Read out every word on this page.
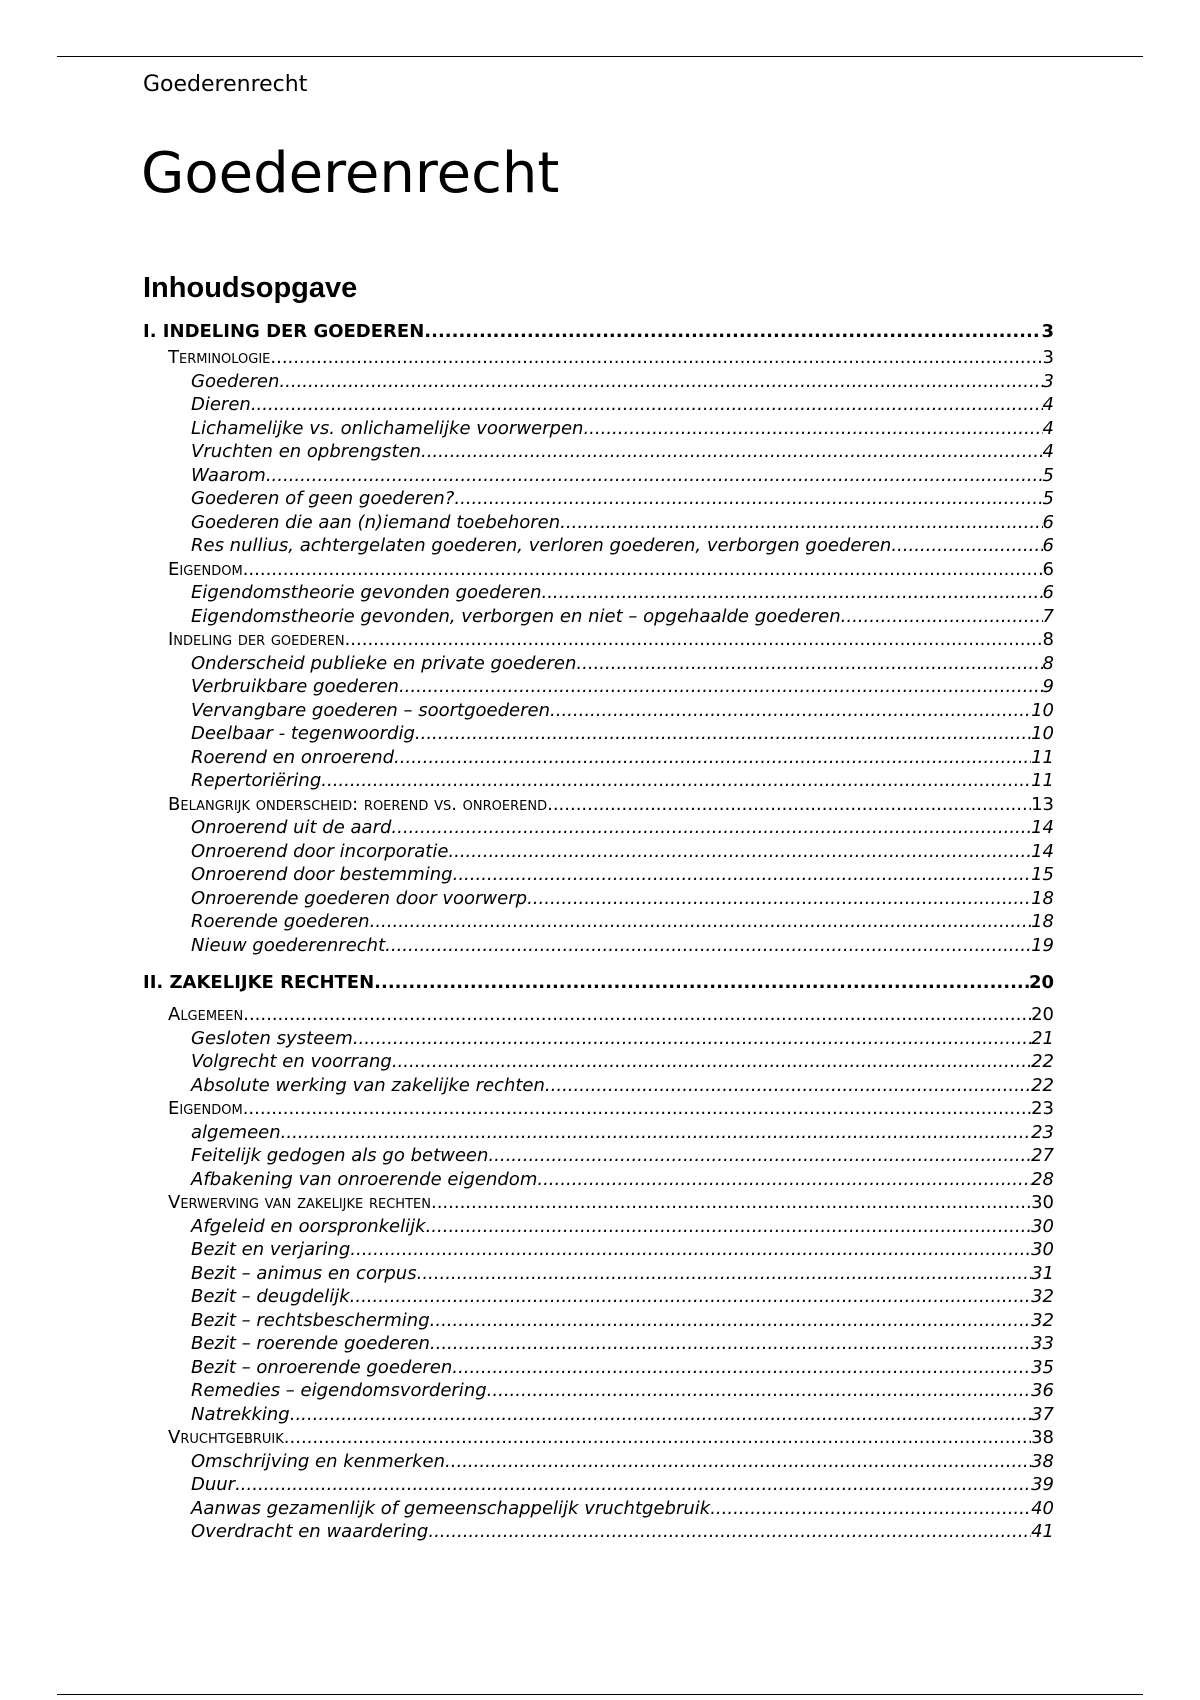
Goederenrecht
Goederenrecht
Inhoudsopgave
I. INDELING DER GOEDEREN .....	3
Terminologie .....	3
Goederen .....	3
Dieren .....	4
Lichamelijke vs. onlichamelijke voorwerpen .....	4
Vruchten en opbrengsten .....	4
Waarom .....	5
Goederen of geen goederen? .....	5
Goederen die aan (n)iemand toebehoren .....	6
Res nullius, achtergelaten goederen, verloren goederen, verborgen goederen .....	6
Eigendom .....	6
Eigendomstheorie gevonden goederen .....	6
Eigendomstheorie gevonden, verborgen en niet – opgehaalde goederen .....	7
Indeling der goederen .....	8
Onderscheid publieke en private goederen .....	8
Verbruikbare goederen .....	9
Vervangbare goederen – soortgoederen .....	10
Deelbaar - tegenwoordig .....	10
Roerend en onroerend .....	11
Repertoriëring .....	11
Belangrijk onderscheid: roerend vs. onroerend .....	13
Onroerend uit de aard .....	14
Onroerend door incorporatie .....	14
Onroerend door bestemming .....	15
Onroerende goederen door voorwerp .....	18
Roerende goederen .....	18
Nieuw goederenrecht .....	19
II. ZAKELIJKE RECHTEN .....	20
Algemeen .....	20
Gesloten systeem .....	21
Volgrecht en voorrang .....	22
Absolute werking van zakelijke rechten .....	22
Eigendom .....	23
algemeen .....	23
Feitelijk gedogen als go between .....	27
Afbakening van onroerende eigendom .....	28
Verwerving van zakelijke rechten .....	30
Afgeleid en oorspronkelijk .....	30
Bezit en verjaring .....	30
Bezit – animus en corpus .....	31
Bezit – deugdelijk .....	32
Bezit – rechtsbescherming .....	32
Bezit – roerende goederen .....	33
Bezit – onroerende goederen .....	35
Remedies – eigendomsvordering .....	36
Natrekking .....	37
Vruchtgebruik .....	38
Omschrijving en kenmerken .....	38
Duur .....	39
Aanwas gezamenlijk of gemeenschappelijk vruchtgebruik .....	40
Overdracht en waardering .....	41
